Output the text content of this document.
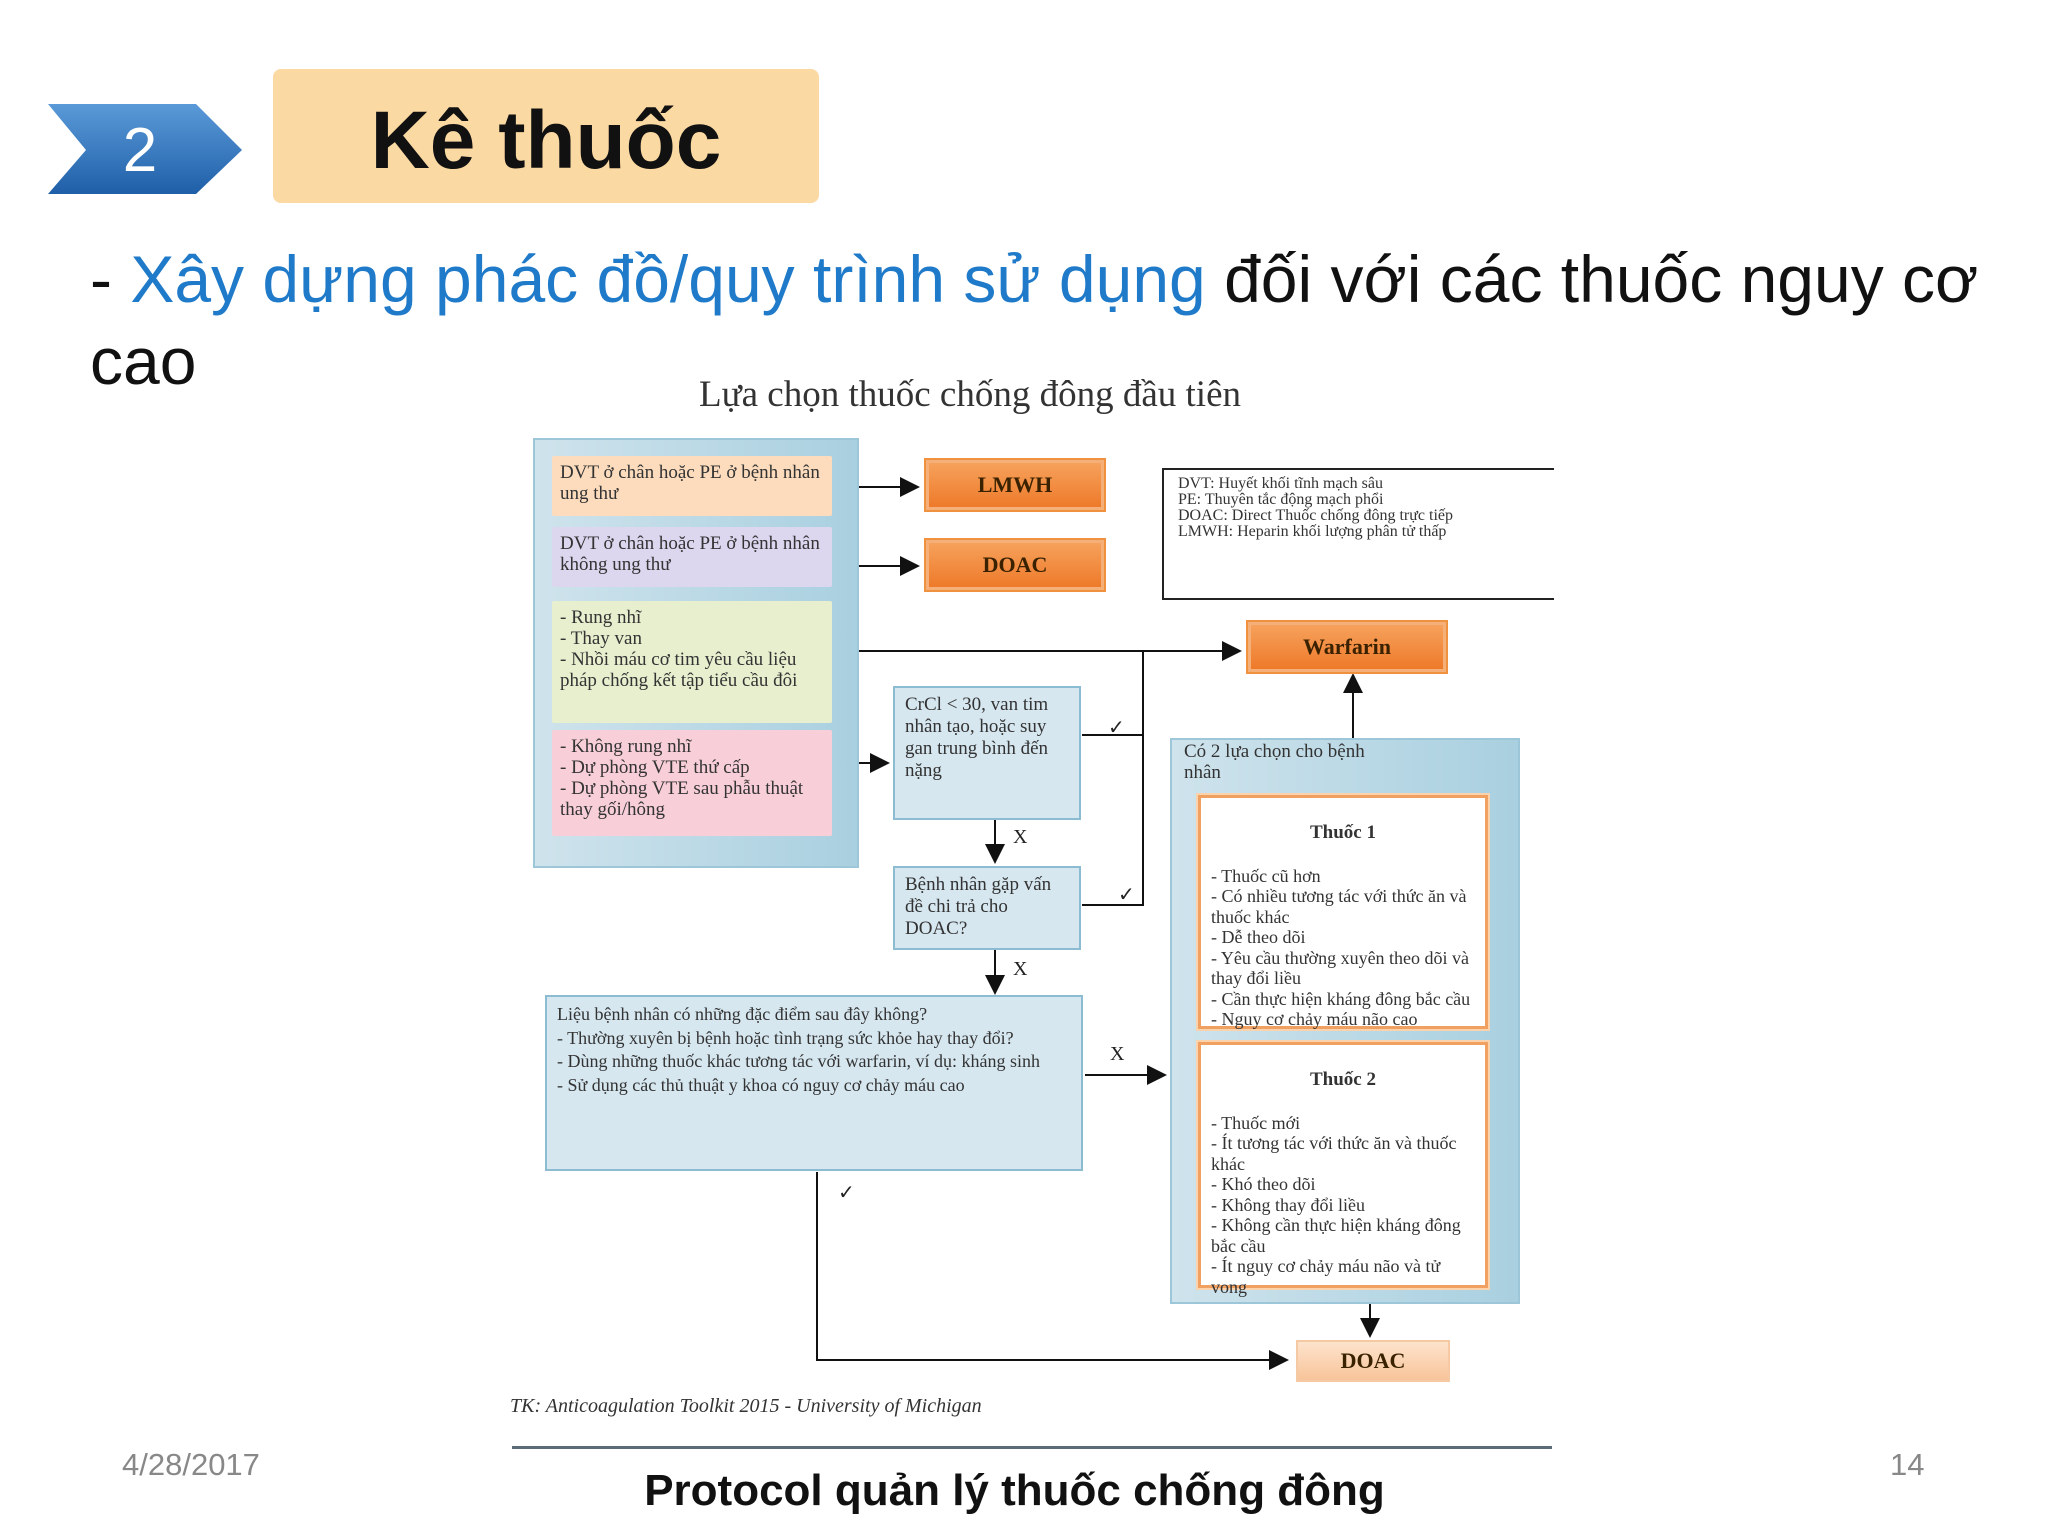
2	Kê thuốc
- Xây dựng phác đồ/quy trình sử dụng đối với các thuốc nguy cơ cao	Lựa chọn thuốc chống đông đầu tiên
DVT ở chân hoặc PE ở bệnh nhân ung thư
DVT ở chân hoặc PE ở bệnh nhân không ung thư
- Rung nhĩ
- Thay van
- Nhồi máu cơ tim yêu cầu liệu pháp chống kết tập tiểu cầu đôi
- Không rung nhĩ
- Dự phòng VTE thứ cấp
- Dự phòng VTE sau phẫu thuật thay gối/hông
LMWH
DOAC
Warfarin
DOAC
DVT: Huyết khối tĩnh mạch sâu
PE: Thuyên tắc động mạch phổi
DOAC: Direct Thuốc chống đông trực tiếp
LMWH: Heparin khối lượng phân tử thấp
CrCl < 30, van tim nhân tạo, hoặc suy gan trung bình đến nặng
Bệnh nhân gặp vấn đề chi trả cho DOAC?
Liệu bệnh nhân có những đặc điểm sau đây không?
- Thường xuyên bị bệnh hoặc tình trạng sức khỏe hay thay đổi?
- Dùng những thuốc khác tương tác với warfarin, ví dụ: kháng sinh
- Sử dụng các thủ thuật y khoa có nguy cơ chảy máu cao
Có 2 lựa chọn cho bệnh nhân

Thuốc 1

- Thuốc cũ hơn
- Có nhiều tương tác với thức ăn và thuốc khác
- Dễ theo dõi
- Yêu cầu thường xuyên theo dõi và thay đổi liều
- Cần thực hiện kháng đông bắc cầu
- Nguy cơ chảy máu não cao

Thuốc 2

- Thuốc mới
- Ít tương tác với thức ăn và thuốc khác
- Khó theo dõi
- Không thay đổi liều
- Không cần thực hiện kháng đông bắc cầu
- Ít nguy cơ chảy máu não và tử vong

✓
X
✓
X
X
✓
TK: Anticoagulation Toolkit 2015 - University of Michigan
Protocol quản lý thuốc chống đông
4/28/2017	14
